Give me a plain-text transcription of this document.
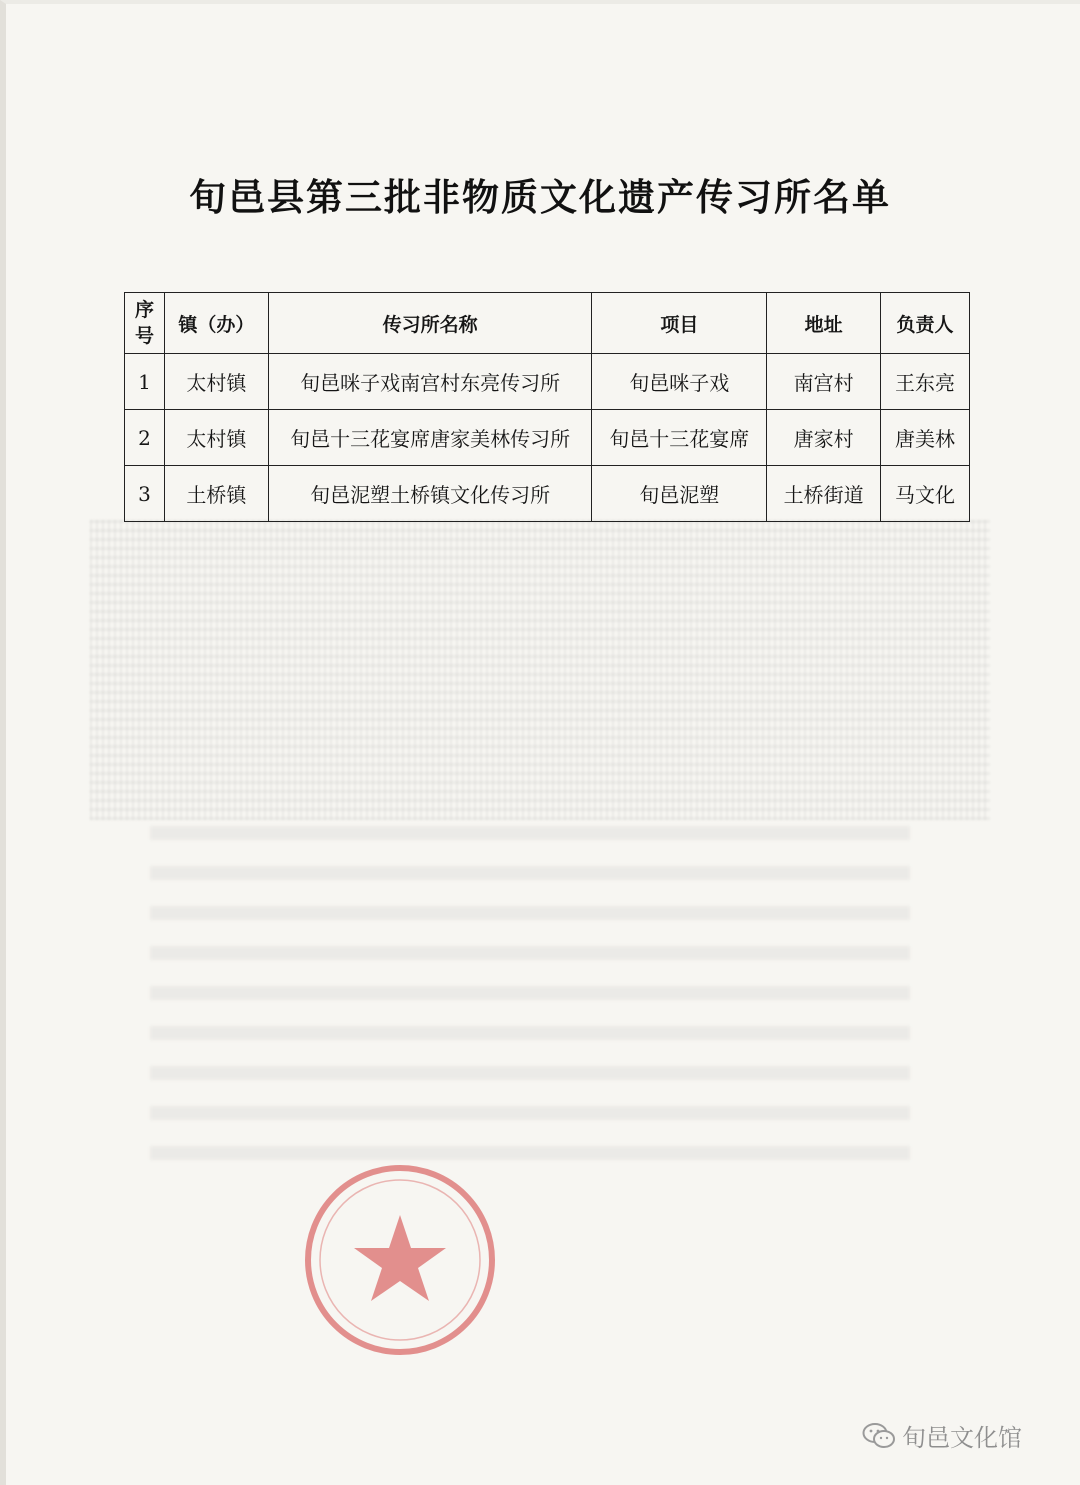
旬邑县第三批非物质文化遗产传习所名单
序
号	镇（办）	传习所名称	项目	地址	负责人
1	太村镇	旬邑咪子戏南宫村东亮传习所	旬邑咪子戏	南宫村	王东亮
2	太村镇	旬邑十三花宴席唐家美林传习所	旬邑十三花宴席	唐家村	唐美林
3	土桥镇	旬邑泥塑土桥镇文化传习所	旬邑泥塑	土桥街道	马文化
旬邑文化馆
